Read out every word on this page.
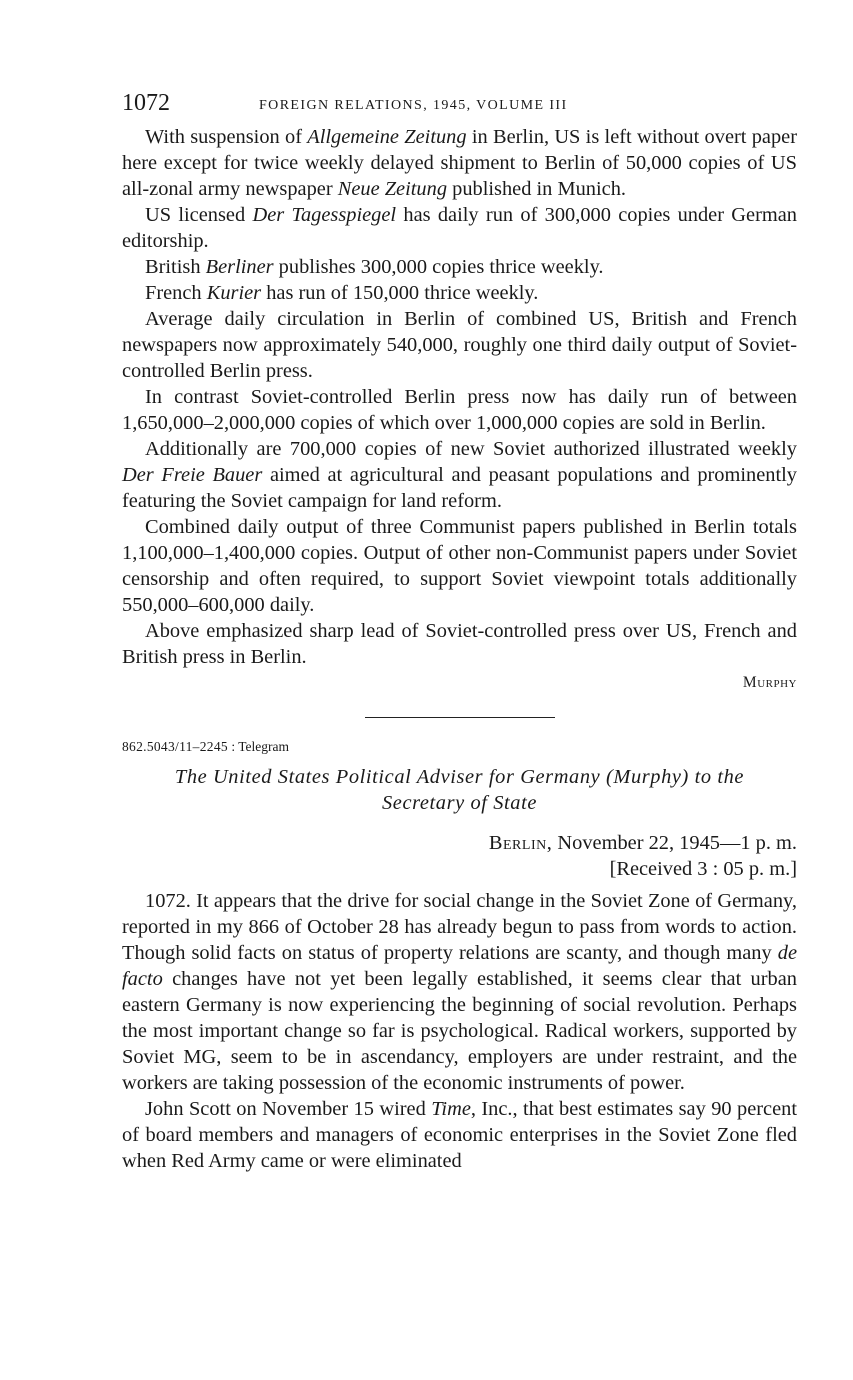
1072	FOREIGN RELATIONS, 1945, VOLUME III

With suspension of Allgemeine Zeitung in Berlin, US is left without overt paper here except for twice weekly delayed shipment to Berlin of 50,000 copies of US all-zonal army newspaper Neue Zeitung published in Munich.

US licensed Der Tagesspiegel has daily run of 300,000 copies under German editorship.

British Berliner publishes 300,000 copies thrice weekly.

French Kurier has run of 150,000 thrice weekly.

Average daily circulation in Berlin of combined US, British and French newspapers now approximately 540,000, roughly one third daily output of Soviet-controlled Berlin press.

In contrast Soviet-controlled Berlin press now has daily run of between 1,650,000–2,000,000 copies of which over 1,000,000 copies are sold in Berlin.

Additionally are 700,000 copies of new Soviet authorized illustrated weekly Der Freie Bauer aimed at agricultural and peasant populations and prominently featuring the Soviet campaign for land reform.

Combined daily output of three Communist papers published in Berlin totals 1,100,000–1,400,000 copies. Output of other non-Communist papers under Soviet censorship and often required, to support Soviet viewpoint totals additionally 550,000–600,000 daily.

Above emphasized sharp lead of Soviet-controlled press over US, French and British press in Berlin.

Murphy
862.5043/11–2245 : Telegram
The United States Political Adviser for Germany (Murphy) to the
Secretary of State
Berlin, November 22, 1945—1 p. m.
[Received 3 : 05 p. m.]

1072. It appears that the drive for social change in the Soviet Zone of Germany, reported in my 866 of October 28 has already begun to pass from words to action. Though solid facts on status of property relations are scanty, and though many de facto changes have not yet been legally established, it seems clear that urban eastern Germany is now experiencing the beginning of social revolution. Perhaps the most important change so far is psychological. Radical workers, supported by Soviet MG, seem to be in ascendancy, employers are under restraint, and the workers are taking possession of the economic instruments of power.

John Scott on November 15 wired Time, Inc., that best estimates say 90 percent of board members and managers of economic enterprises in the Soviet Zone fled when Red Army came or were eliminated
